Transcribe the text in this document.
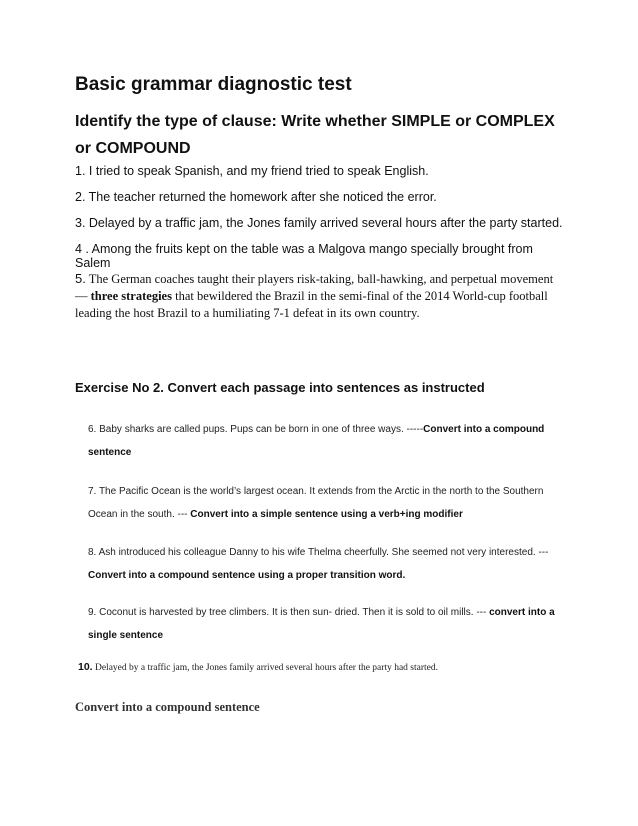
Basic grammar diagnostic test
Identify the type of clause: Write whether SIMPLE or COMPLEX or COMPOUND
1. I tried to speak Spanish, and my friend tried to speak English.
2. The teacher returned the homework after she noticed the error.
3. Delayed by a traffic jam, the Jones family arrived several hours after the party started.
4 . Among the fruits kept on the table was a Malgova mango specially brought from Salem
5. The German coaches taught their players risk-taking, ball-hawking, and perpetual movement — three strategies that bewildered the Brazil in the semi-final of the 2014 World-cup football leading the host Brazil to a humiliating 7-1 defeat in its own country.
Exercise No 2. Convert each passage into sentences as instructed
6. Baby sharks are called pups. Pups can be born in one of three ways. -----Convert into a compound sentence
7. The Pacific Ocean is the world’s largest ocean. It extends from the Arctic in the north to the Southern Ocean in the south. --- Convert into a simple sentence using a verb+ing modifier
8. Ash introduced his colleague Danny to his wife Thelma cheerfully. She seemed not very interested. --- Convert into a compound sentence using a proper transition word.
9. Coconut is harvested by tree climbers. It is then sun- dried. Then it is sold to oil mills. --- convert into a single sentence
10. Delayed by a traffic jam, the Jones family arrived several hours after the party had started.
Convert into a compound sentence
